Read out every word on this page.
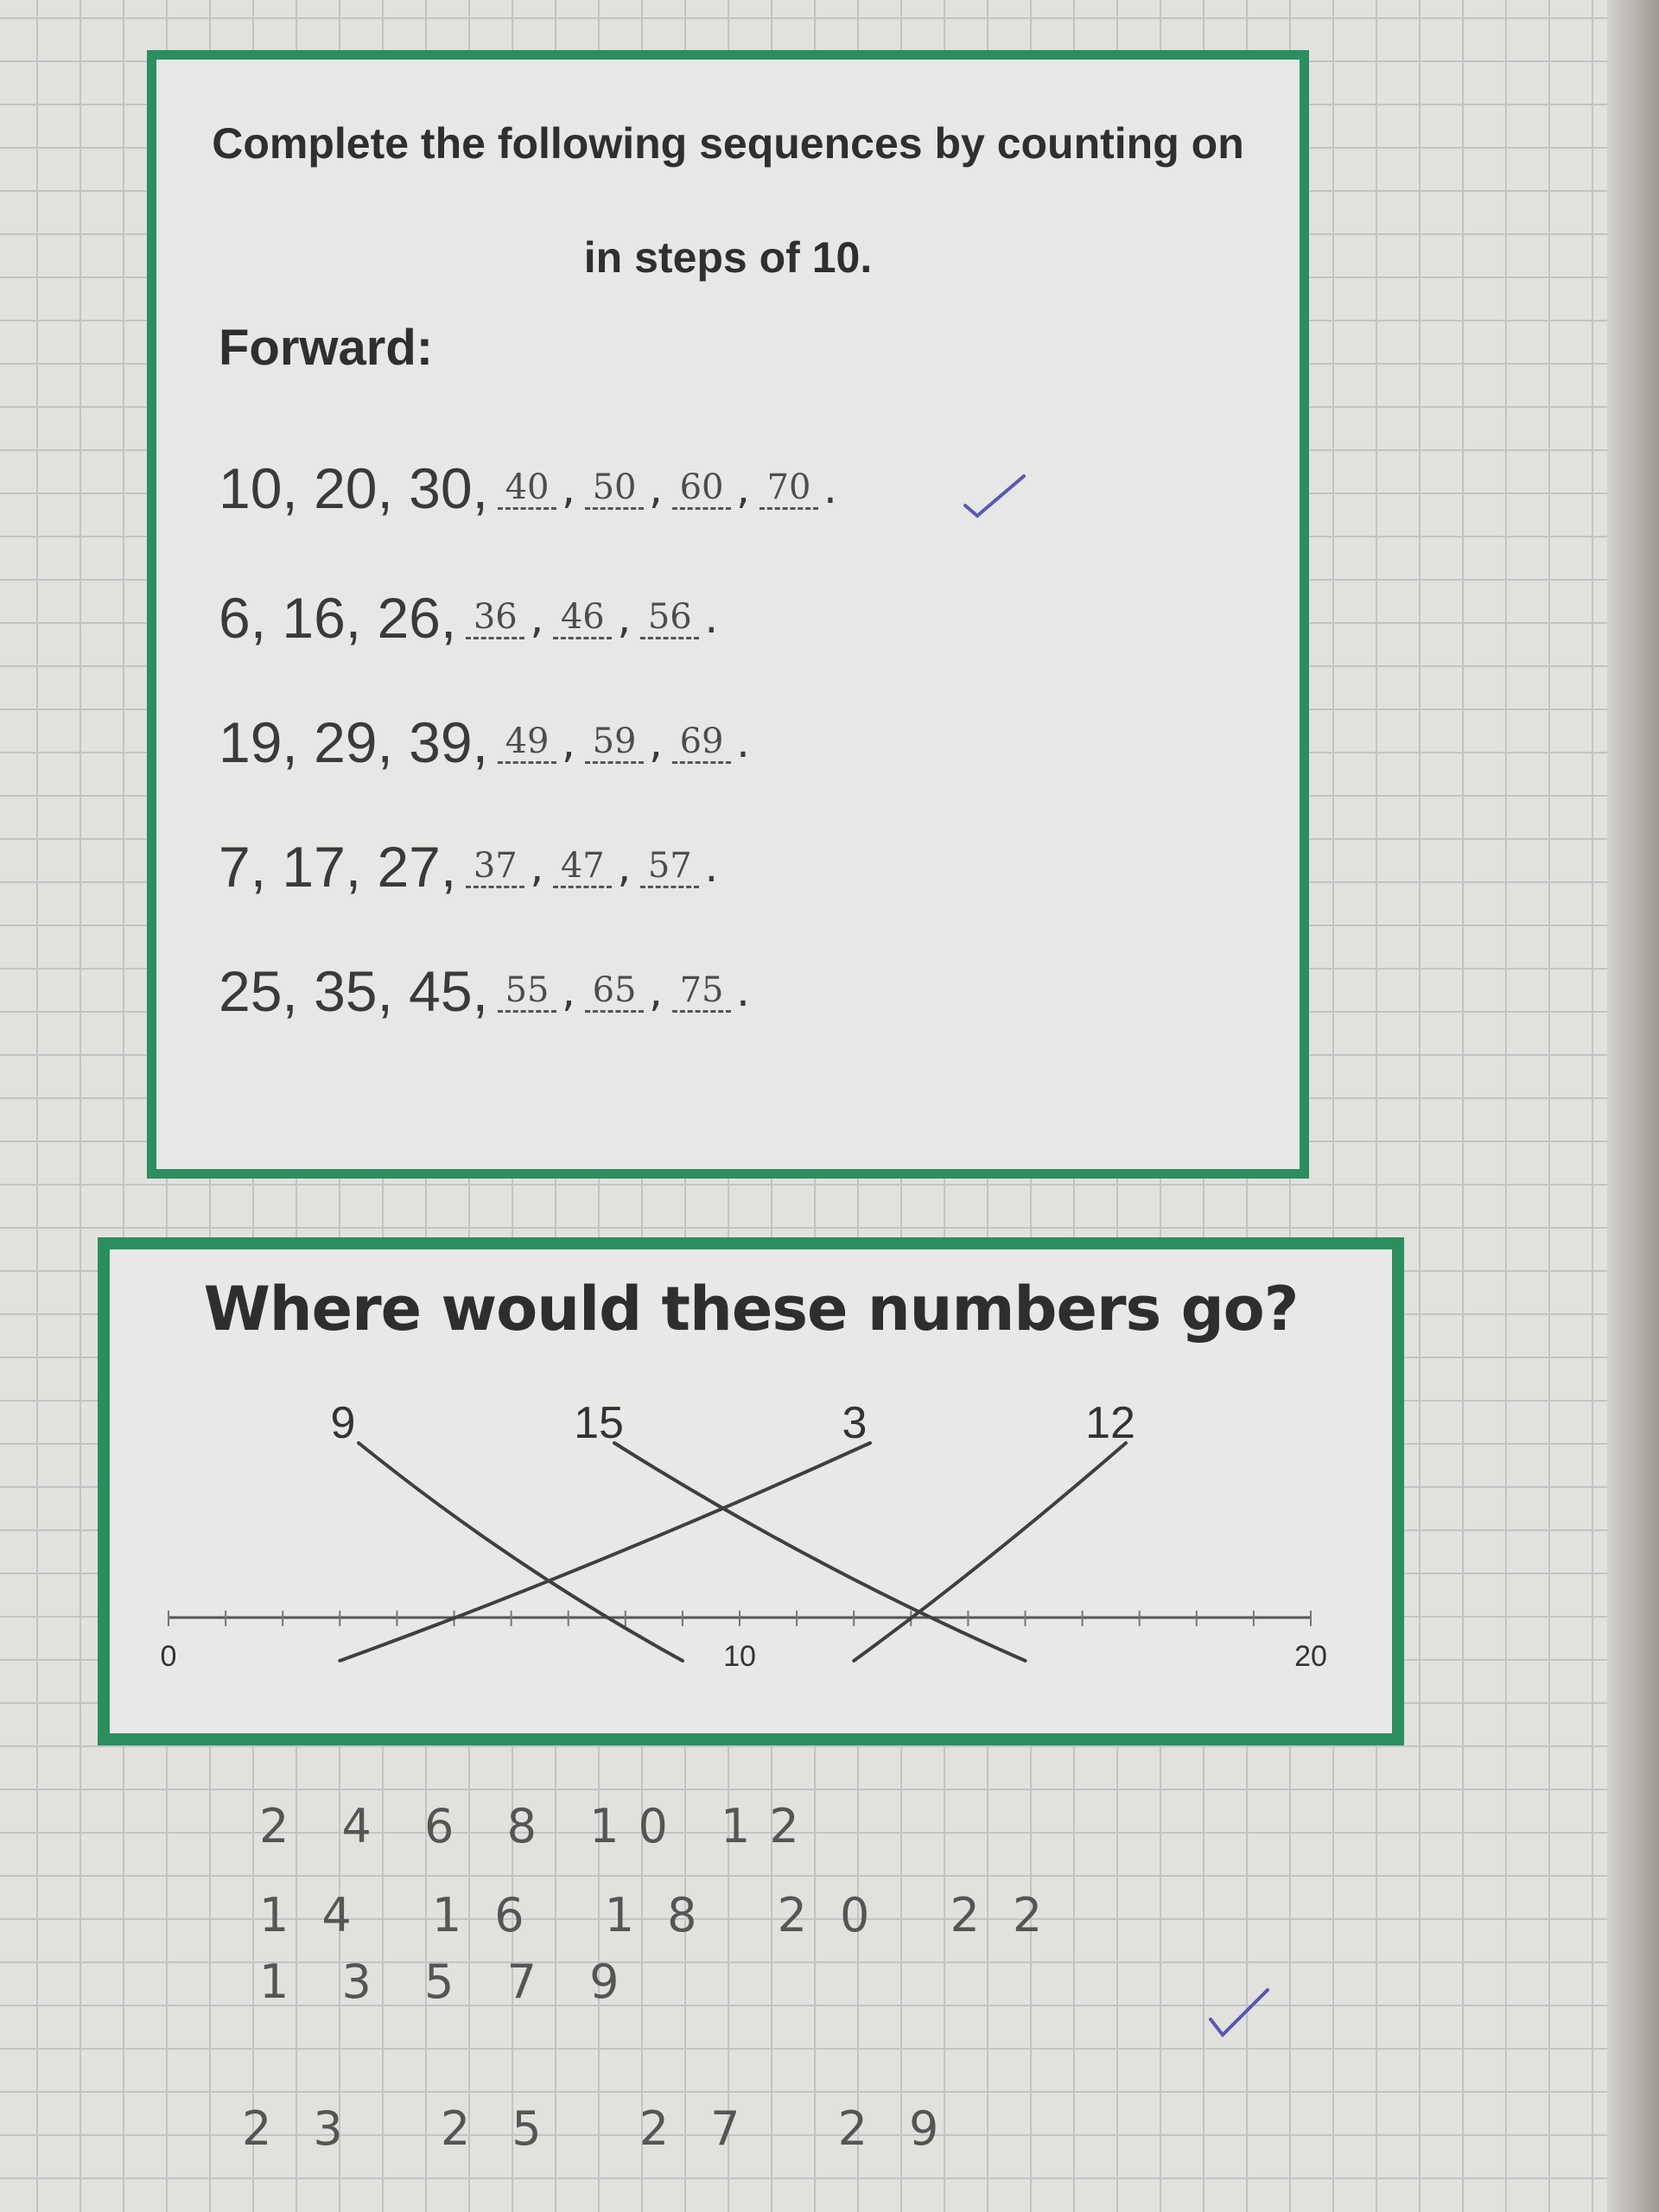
Complete the following sequences by counting on
in steps of 10.
Forward:
10, 20, 30, 40 , 50 , 60 , 70 .
6, 16, 26, 36 , 46 , 56 .
19, 29, 39, 49 , 59 , 69 .
7, 17, 27, 37 , 47 , 57 .
25, 35, 45, 55 , 65 , 75 .
Where would these numbers go?
0	10	20
9	15	3	12
2 4 6 8 10 12
14 16 18 20 22
1 3 5 7 9
23 25 27 29
